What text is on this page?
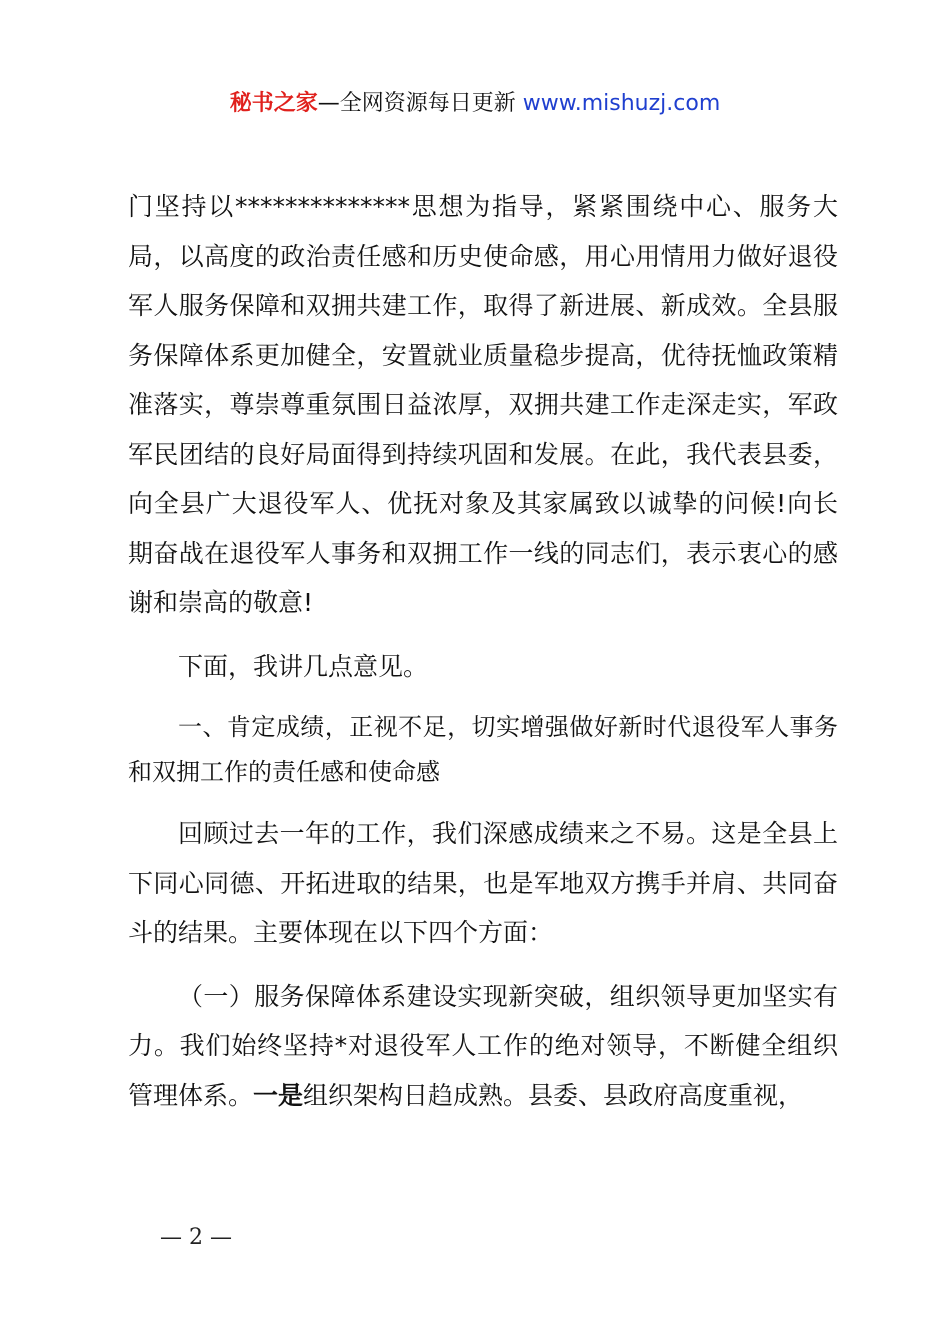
秘书之家—全网资源每日更新 www.mishuzj.com

门坚持以**************思想为指导，紧紧围绕中心、服务大局，以高度的政治责任感和历史使命感，用心用情用力做好退役军人服务保障和双拥共建工作，取得了新进展、新成效。全县服务保障体系更加健全，安置就业质量稳步提高，优待抚恤政策精准落实，尊崇尊重氛围日益浓厚，双拥共建工作走深走实，军政军民团结的良好局面得到持续巩固和发展。在此，我代表县委，向全县广大退役军人、优抚对象及其家属致以诚挚的问候!向长期奋战在退役军人事务和双拥工作一线的同志们，表示衷心的感谢和崇高的敬意!

下面，我讲几点意见。

一、肯定成绩，正视不足，切实增强做好新时代退役军人事务和双拥工作的责任感和使命感

回顾过去一年的工作，我们深感成绩来之不易。这是全县上下同心同德、开拓进取的结果，也是军地双方携手并肩、共同奋斗的结果。主要体现在以下四个方面：

（一）服务保障体系建设实现新突破，组织领导更加坚实有力。我们始终坚持*对退役军人工作的绝对领导，不断健全组织管理体系。一是组织架构日趋成熟。县委、县政府高度重视，

— 2 —
